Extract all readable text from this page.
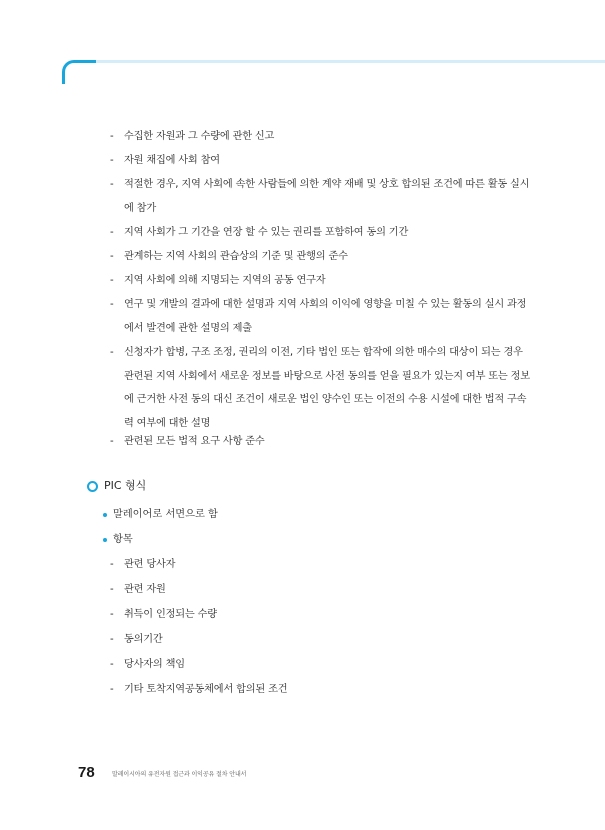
- 수집한 자원과 그 수량에 관한 신고
- 자원 채집에 사회 참여
- 적절한 경우, 지역 사회에 속한 사람들에 의한 계약 재배 및 상호 합의된 조건에 따른 활동 실시에 참가
- 지역 사회가 그 기간을 연장 할 수 있는 권리를 포함하여 동의 기간
- 관계하는 지역 사회의 관습상의 기준 및 관행의 준수
- 지역 사회에 의해 지명되는 지역의 공동 연구자
- 연구 및 개발의 결과에 대한 설명과 지역 사회의 이익에 영향을 미칠 수 있는 활동의 실시 과정에서 발견에 관한 설명의 제출
- 신청자가 합병, 구조 조정, 권리의 이전, 기타 법인 또는 합작에 의한 매수의 대상이 되는 경우 관련된 지역 사회에서 새로운 정보를 바탕으로 사전 동의를 얻을 필요가 있는지 여부 또는 정보 에 근거한 사전 동의 대신 조건이 새로운 법인 양수인 또는 이전의 수용 시설에 대한 법적 구속력 여부에 대한 설명
- 관련된 모든 법적 요구 사항 준수
PIC 형식
말레이어로 서면으로 함
항목
- 관련 당사자
- 관련 자원
- 취득이 인정되는 수량
- 동의기간
- 당사자의 책임
- 기타 토착지역공동체에서 합의된 조건
78	말레이시아의 유전자원 접근과 이익공유 절차 안내서
